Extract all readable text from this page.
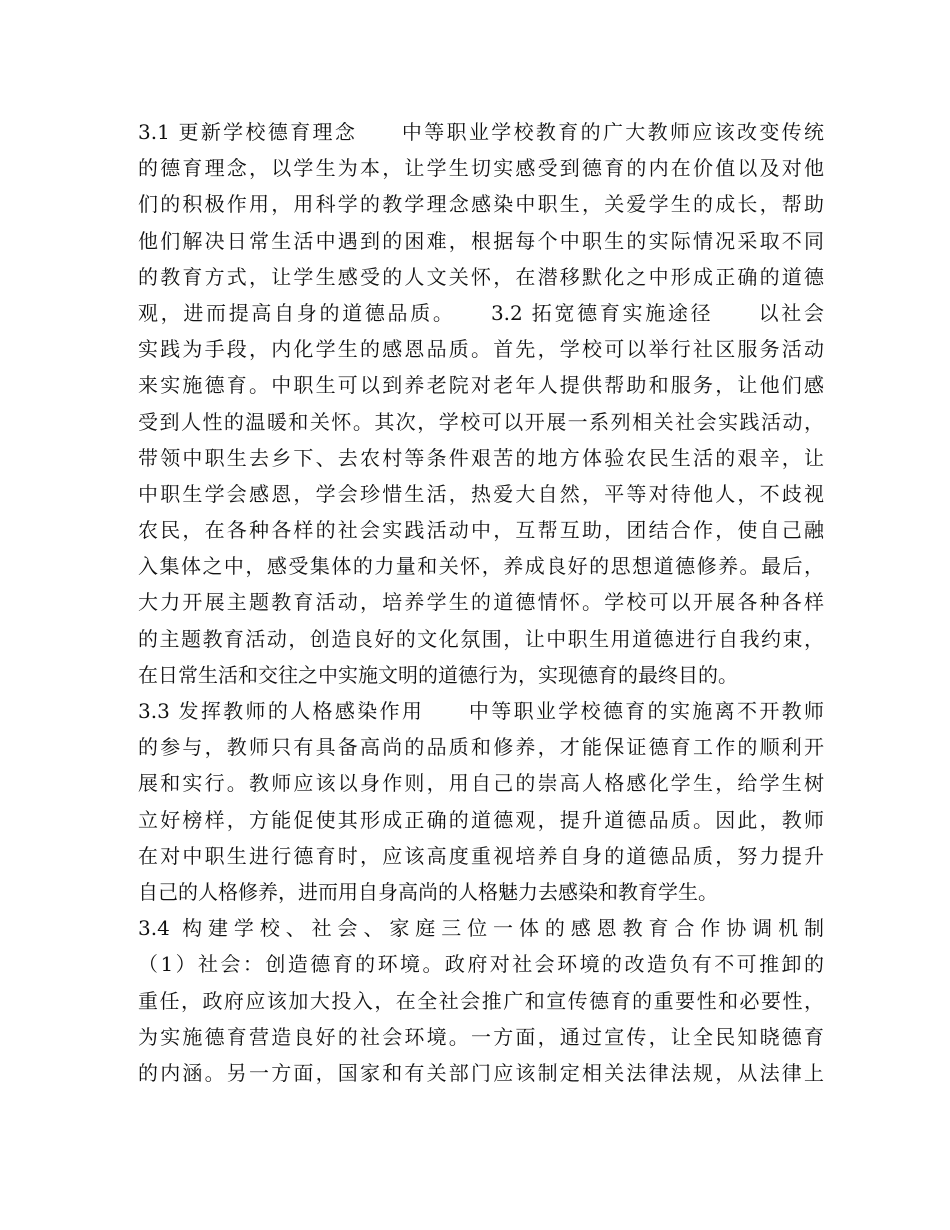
3.1 更新学校德育理念　　中等职业学校教育的广大教师应该改变传统
的德育理念，以学生为本，让学生切实感受到德育的内在价值以及对他
们的积极作用，用科学的教学理念感染中职生，关爱学生的成长，帮助
他们解决日常生活中遇到的困难，根据每个中职生的实际情况采取不同
的教育方式，让学生感受的人文关怀，在潜移默化之中形成正确的道德
观，进而提高自身的道德品质。　　3.2 拓宽德育实施途径　　以社会
实践为手段，内化学生的感恩品质。首先，学校可以举行社区服务活动
来实施德育。中职生可以到养老院对老年人提供帮助和服务，让他们感
受到人性的温暖和关怀。其次，学校可以开展一系列相关社会实践活动，
带领中职生去乡下、去农村等条件艰苦的地方体验农民生活的艰辛，让
中职生学会感恩，学会珍惜生活，热爱大自然，平等对待他人，不歧视
农民，在各种各样的社会实践活动中，互帮互助，团结合作，使自己融
入集体之中，感受集体的力量和关怀，养成良好的思想道德修养。最后，
大力开展主题教育活动，培养学生的道德情怀。学校可以开展各种各样
的主题教育活动，创造良好的文化氛围，让中职生用道德进行自我约束，
在日常生活和交往之中实施文明的道德行为，实现德育的最终目的。
3.3 发挥教师的人格感染作用　　中等职业学校德育的实施离不开教师
的参与，教师只有具备高尚的品质和修养，才能保证德育工作的顺利开
展和实行。教师应该以身作则，用自己的崇高人格感化学生，给学生树
立好榜样，方能促使其形成正确的道德观，提升道德品质。因此，教师
在对中职生进行德育时，应该高度重视培养自身的道德品质，努力提升
自己的人格修养，进而用自身高尚的人格魅力去感染和教育学生。
3.4 构建学校、社会、家庭三位一体的感恩教育合作协调机制
（1）社会：创造德育的环境。政府对社会环境的改造负有不可推卸的
重任，政府应该加大投入，在全社会推广和宣传德育的重要性和必要性，
为实施德育营造良好的社会环境。一方面，通过宣传，让全民知晓德育
的内涵。另一方面，国家和有关部门应该制定相关法律法规，从法律上
